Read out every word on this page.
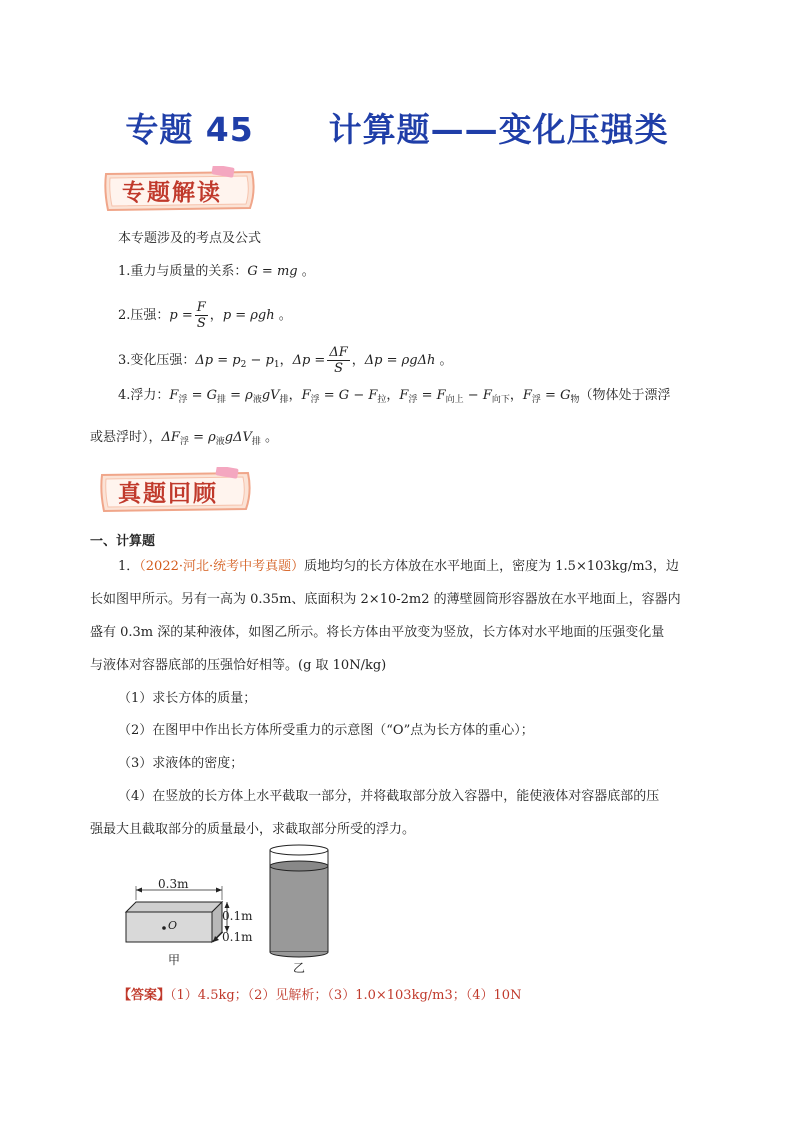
专题 45      计算题——变化压强类
专题解读
本专题涉及的考点及公式
1.重力与质量的关系：G = mg 。
2.压强：$p = \frac{F}{S}$ ，p = ρgh 。
3.变化压强：$\Delta p = p_2 - p_1$，$\Delta p = \frac{\Delta F}{S}$ ，Δp = ρgΔh 。
4.浮力：$F_浮 = G_排 = \rho_液gV_排$，$F_浮 = G - F_拉$，$F_浮 = F_{向上} - F_{向下}$，$F_浮 = G_物$（物体处于漂浮
或悬浮时），$\Delta F_浮 = \rho_液g\Delta V_排$ 。
真题回顾
一、计算题
1．（2022·河北·统考中考真题）质地均匀的长方体放在水平地面上，密度为 1.5×103kg/m3，边
长如图甲所示。另有一高为 0.35m、底面积为 2×10-2m2 的薄壁圆筒形容器放在水平地面上，容器内
盛有 0.3m 深的某种液体，如图乙所示。将长方体由平放变为竖放，长方体对水平地面的压强变化量
与液体对容器底部的压强恰好相等。(g 取 10N/kg)
（1）求长方体的质量；
（2）在图甲中作出长方体所受重力的示意图（“O”点为长方体的重心）；
（3）求液体的密度；
（4）在竖放的长方体上水平截取一部分，并将截取部分放入容器中，能使液体对容器底部的压
强最大且截取部分的质量最小，求截取部分所受的浮力。
0.3m
0.1m
0.1m
O
甲
乙
【答案】（1）4.5kg；（2）见解析；（3）1.0×103kg/m3；（4）10N
